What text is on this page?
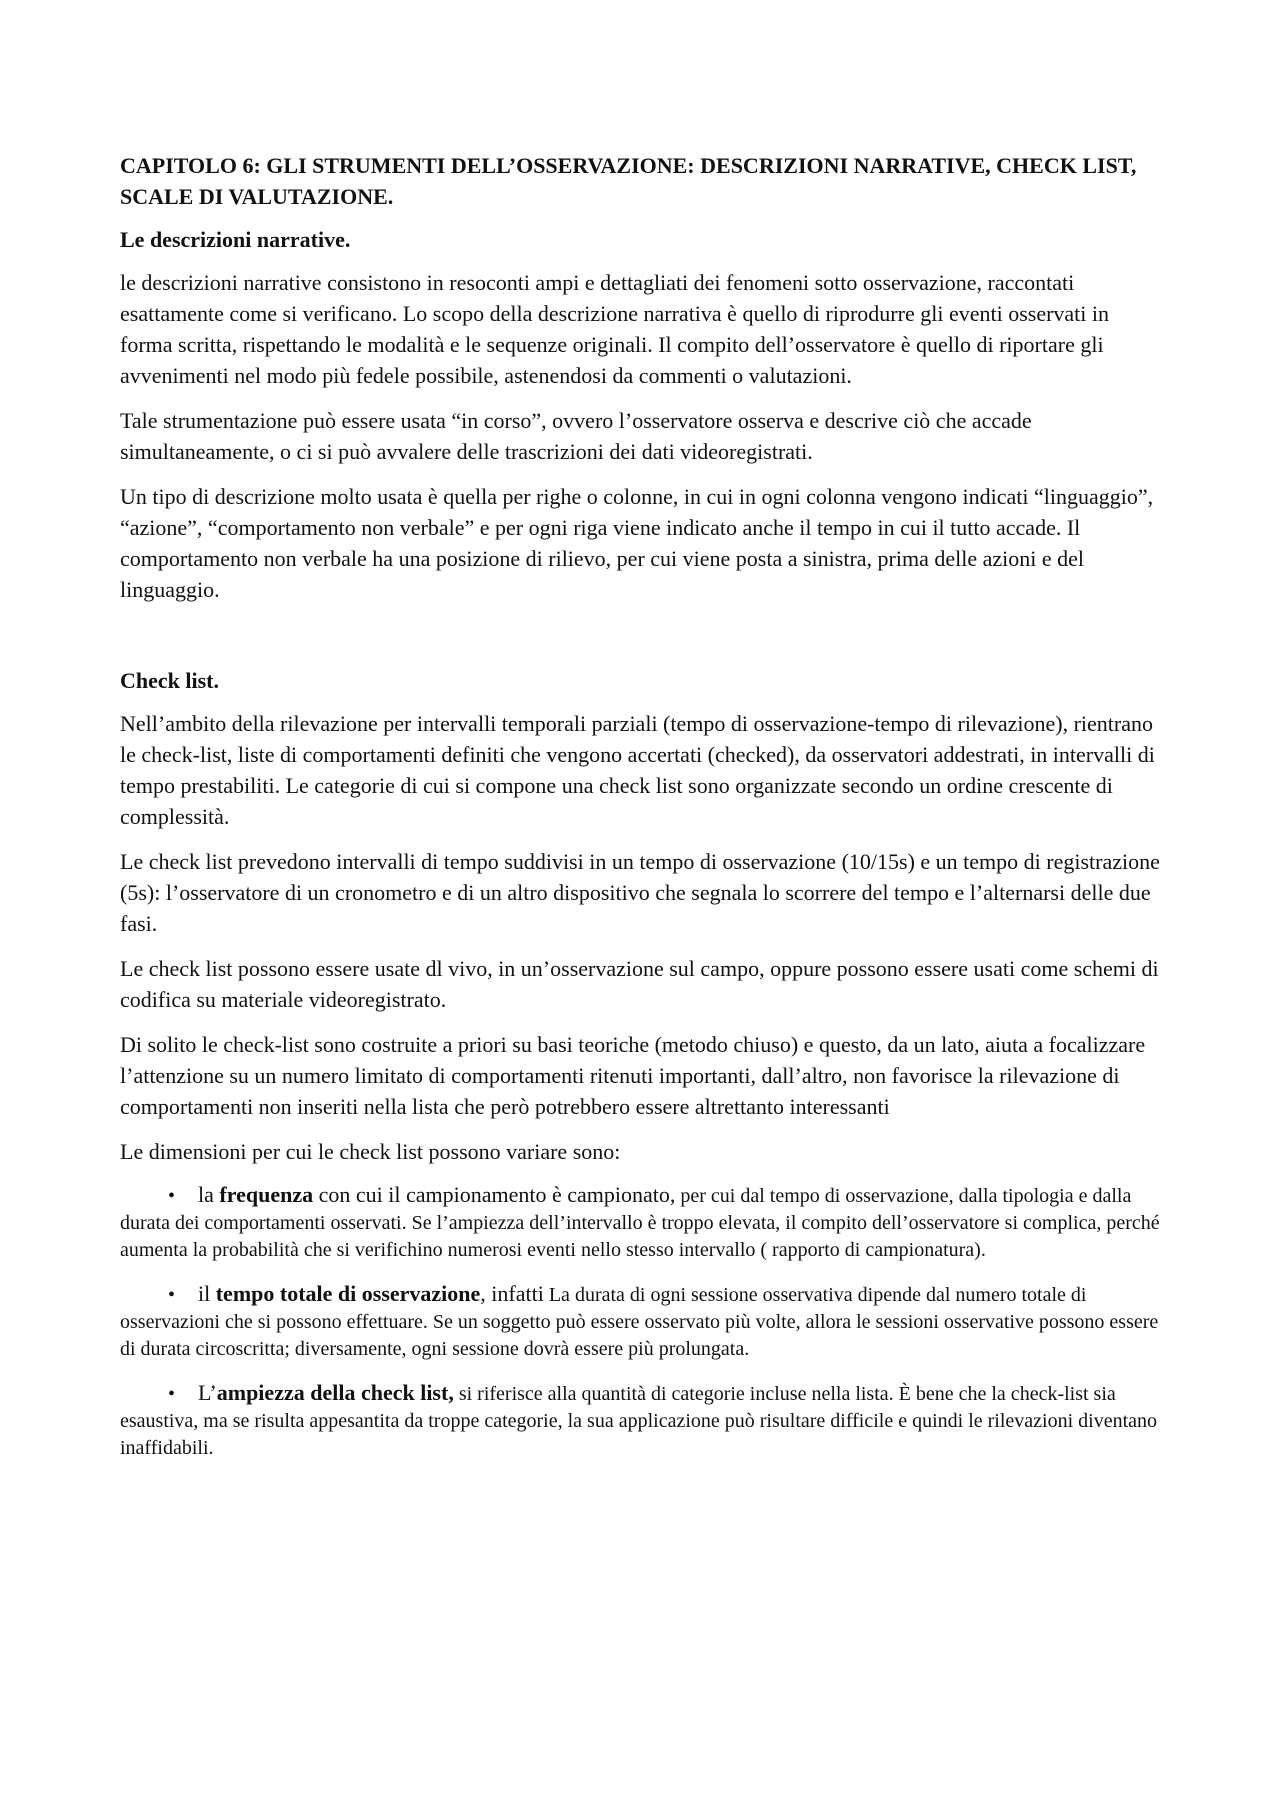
CAPITOLO 6: GLI STRUMENTI DELL’OSSERVAZIONE: DESCRIZIONI NARRATIVE, CHECK LIST, SCALE DI VALUTAZIONE.
Le descrizioni narrative.

le descrizioni narrative consistono in resoconti ampi e dettagliati dei fenomeni sotto osservazione, raccontati esattamente come si verificano. Lo scopo della descrizione narrativa è quello di riprodurre gli eventi osservati in forma scritta, rispettando le modalità e le sequenze originali. Il compito dell’osservatore è quello di riportare gli avvenimenti nel modo più fedele possibile, astenendosi da commenti o valutazioni.

Tale strumentazione può essere usata “in corso”, ovvero l’osservatore osserva e descrive ciò che accade simultaneamente, o ci si può avvalere delle trascrizioni dei dati videoregistrati.

Un tipo di descrizione molto usata è quella per righe o colonne, in cui in ogni colonna vengono indicati “linguaggio”, “azione”, “comportamento non verbale” e per ogni riga viene indicato anche il tempo in cui il tutto accade. Il comportamento non verbale ha una posizione di rilievo, per cui viene posta a sinistra, prima delle azioni e del linguaggio.

Check list.

Nell’ambito della rilevazione per intervalli temporali parziali (tempo di osservazione-tempo di rilevazione), rientrano le check-list, liste di comportamenti definiti che vengono accertati (checked), da osservatori addestrati, in intervalli di tempo prestabiliti. Le categorie di cui si compone una check list sono organizzate secondo un ordine crescente di complessità.

Le check list prevedono intervalli di tempo suddivisi in un tempo di osservazione (10/15s) e un tempo di registrazione (5s): l’osservatore di un cronometro e di un altro dispositivo che segnala lo scorrere del tempo e l’alternarsi delle due fasi.

Le check list possono essere usate dl vivo, in un’osservazione sul campo, oppure possono essere usati come schemi di codifica su materiale videoregistrato.

Di solito le check-list sono costruite a priori su basi teoriche (metodo chiuso) e questo, da un lato, aiuta a focalizzare l’attenzione su un numero limitato di comportamenti ritenuti importanti, dall’altro, non favorisce la rilevazione di comportamenti non inseriti nella lista che però potrebbero essere altrettanto interessanti

Le dimensioni per cui le check list possono variare sono:

• la frequenza con cui il campionamento è campionato, per cui dal tempo di osservazione, dalla tipologia e dalla durata dei comportamenti osservati. Se l’ampiezza dell’intervallo è troppo elevata, il compito dell’osservatore si complica, perché aumenta la probabilità che si verifichino numerosi eventi nello stesso intervallo ( rapporto di campionatura).
• il tempo totale di osservazione, infatti La durata di ogni sessione osservativa dipende dal numero totale di osservazioni che si possono effettuare. Se un soggetto può essere osservato più volte, allora le sessioni osservative possono essere di durata circoscritta; diversamente, ogni sessione dovrà essere più prolungata.
• L’ampiezza della check list, si riferisce alla quantità di categorie incluse nella lista. È bene che la check-list sia esaustiva, ma se risulta appesantita da troppe categorie, la sua applicazione può risultare difficile e quindi le rilevazioni diventano inaffidabili.
